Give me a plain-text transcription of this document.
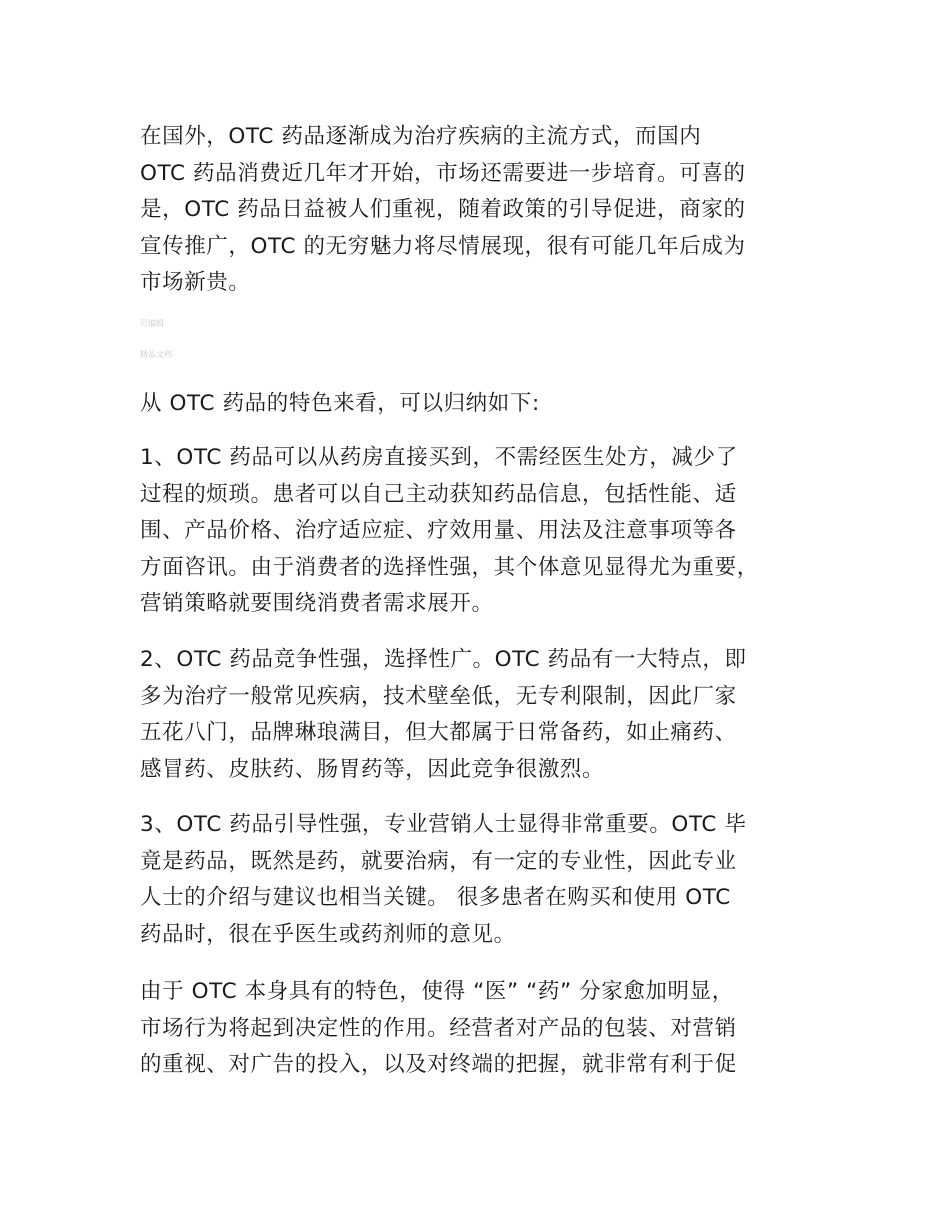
在国外，OTC 药品逐渐成为治疗疾病的主流方式，而国内
OTC 药品消费近几年才开始，市场还需要进一步培育。可喜的
是，OTC 药品日益被人们重视，随着政策的引导促进，商家的
宣传推广，OTC 的无穷魅力将尽情展现，很有可能几年后成为
市场新贵。
可编辑
精品文档
从 OTC 药品的特色来看，可以归纳如下:
1、OTC 药品可以从药房直接买到，不需经医生处方，减少了
过程的烦琐。患者可以自己主动获知药品信息，包括性能、适
围、产品价格、治疗适应症、疗效用量、用法及注意事项等各
方面咨讯。由于消费者的选择性强，其个体意见显得尤为重要，
营销策略就要围绕消费者需求展开。
2、OTC 药品竞争性强，选择性广。OTC 药品有一大特点，即
多为治疗一般常见疾病，技术壁垒低，无专利限制，因此厂家
五花八门，品牌琳琅满目，但大都属于日常备药，如止痛药、
感冒药、皮肤药、肠胃药等，因此竞争很激烈。
3、OTC 药品引导性强，专业营销人士显得非常重要。OTC 毕
竟是药品，既然是药，就要治病，有一定的专业性，因此专业
人士的介绍与建议也相当关键。 很多患者在购买和使用 OTC
药品时，很在乎医生或药剂师的意见。
由于 OTC 本身具有的特色，使得 “医” “药” 分家愈加明显，
市场行为将起到决定性的作用。经营者对产品的包装、对营销
的重视、对广告的投入，以及对终端的把握，就非常有利于促
